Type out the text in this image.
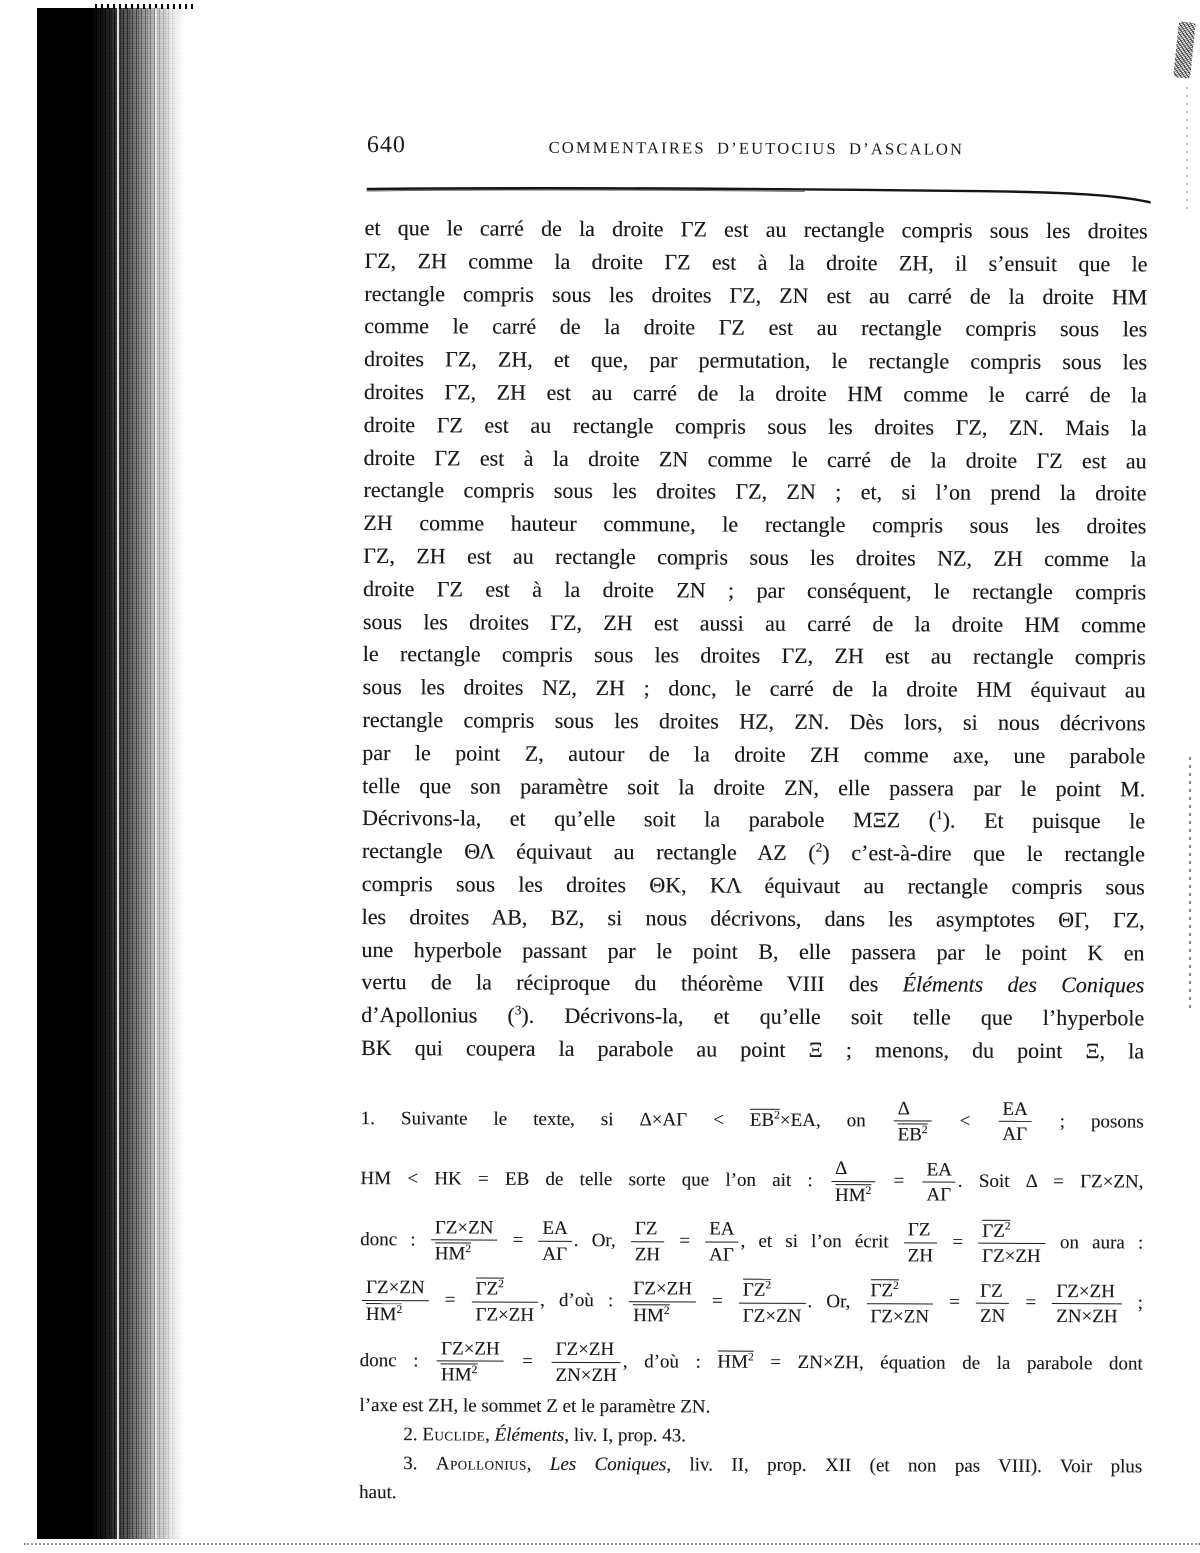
640	COMMENTAIRES D’EUTOCIUS D’ASCALON
et que le carré de la droite ΓZ est au rectangle compris sous les droites
ΓZ, ZH comme la droite ΓZ est à la droite ZH, il s’ensuit que le
rectangle compris sous les droites ΓZ, ZN est au carré de la droite HM
comme le carré de la droite ΓZ est au rectangle compris sous les
droites ΓZ, ZH, et que, par permutation, le rectangle compris sous les
droites ΓZ, ZH est au carré de la droite HM comme le carré de la
droite ΓZ est au rectangle compris sous les droites ΓZ, ZN. Mais la
droite ΓZ est à la droite ZN comme le carré de la droite ΓZ est au
rectangle compris sous les droites ΓZ, ZN ; et, si l’on prend la droite
ZH comme hauteur commune, le rectangle compris sous les droites
ΓZ, ZH est au rectangle compris sous les droites NZ, ZH comme la
droite ΓZ est à la droite ZN ; par conséquent, le rectangle compris
sous les droites ΓZ, ZH est aussi au carré de la droite HM comme
le rectangle compris sous les droites ΓZ, ZH est au rectangle compris
sous les droites NZ, ZH ; donc, le carré de la droite HM équivaut au
rectangle compris sous les droites HZ, ZN. Dès lors, si nous décrivons
par le point Z, autour de la droite ZH comme axe, une parabole
telle que son paramètre soit la droite ZN, elle passera par le point M.
Décrivons-la, et qu’elle soit la parabole MΞZ ($^1$). Et puisque le
rectangle ΘΛ équivaut au rectangle AZ ($^2$) c’est-à-dire que le rectangle
compris sous les droites ΘK, KΛ équivaut au rectangle compris sous
les droites AB, BZ, si nous décrivons, dans les asymptotes ΘΓ, ΓZ,
une hyperbole passant par le point B, elle passera par le point K en
vertu de la réciproque du théorème VIII des Éléments des Coniques
d’Apollonius ($^3$). Décrivons-la, et qu’elle soit telle que l’hyperbole
BK qui coupera la parabole au point Ξ ; menons, du point Ξ, la
1. Suivante le texte, si $\Delta\times A\Gamma < EB^2\times EA$, on $\frac{\Delta}{EB^2} < \frac{EA}{A\Gamma}$ ; posons
HM < HK = EB de telle sorte que l’on ait : $\frac{\Delta}{HM^2} = \frac{EA}{A\Gamma}$ . Soit Δ = ΓZ×ZN,
donc : $\frac{\Gamma Z\times ZN}{HM^2} = \frac{EA}{A\Gamma}$ . Or, $\frac{\Gamma Z}{ZH} = \frac{EA}{A\Gamma}$ , et si l’on écrit $\frac{\Gamma Z}{ZH} = \frac{\Gamma Z^2}{\Gamma Z\times ZH}$ on aura :
$\frac{\Gamma Z\times ZN}{HM^2} = \frac{\Gamma Z^2}{\Gamma Z\times ZH}$ , d’où : $\frac{\Gamma Z\times ZH}{HM^2} = \frac{\Gamma Z^2}{\Gamma Z\times ZN}$ . Or, $\frac{\Gamma Z^2}{\Gamma Z\times ZN} = \frac{\Gamma Z}{ZN} = \frac{\Gamma Z\times ZH}{ZN\times ZH}$ ;
donc : $\frac{\Gamma Z\times ZH}{HM^2} = \frac{\Gamma Z\times ZH}{ZN\times ZH}$ , d’où : $HM^2 = ZN\times ZH$, équation de la parabole dont
l’axe est ZH, le sommet Z et le paramètre ZN.
2. Euclide, Éléments, liv. I, prop. 43.
3. Apollonius, Les Coniques, liv. II, prop. XII (et non pas VIII). Voir plus
haut.
